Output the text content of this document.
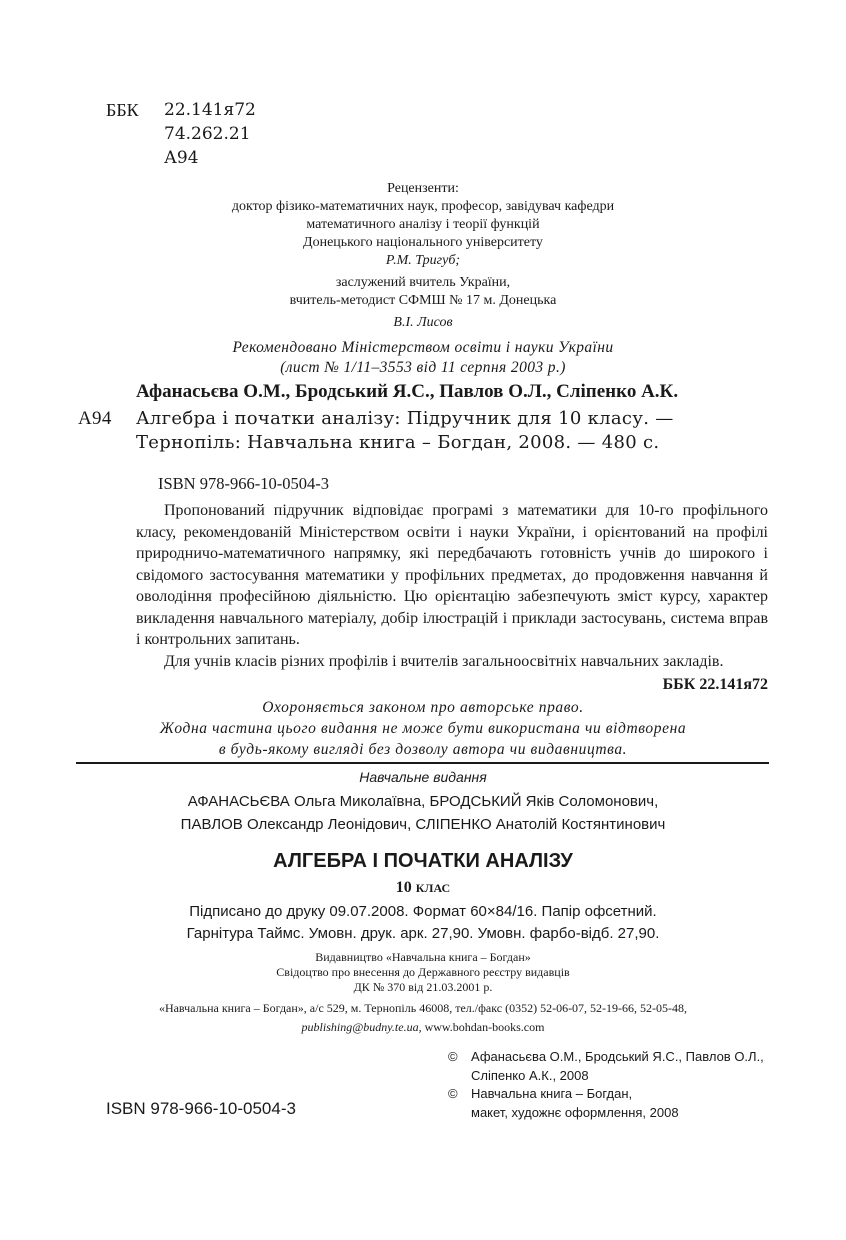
ББК 22.141я72
74.262.21
А94
Рецензенти:
доктор фізико-математичних наук, професор, завідувач кафедри
математичного аналізу і теорії функцій
Донецького національного університету
Р.М. Тригуб;
заслужений вчитель України,
вчитель-методист СФМШ № 17 м. Донецька
В.І. Лисов
Рекомендовано Міністерством освіти і науки України
(лист № 1/11–3553 від 11 серпня 2003 р.)
Афанасьєва О.М., Бродський Я.С., Павлов О.Л., Сліпенко А.К.
А94 Алгебра і початки аналізу: Підручник для 10 класу. —
Тернопіль: Навчальна книга – Богдан, 2008. — 480 с.
ISBN 978-966-10-0504-3

Пропонований підручник відповідає програмі з математики для 10-го профільного класу, рекомендованій Міністерством освіти і науки України, і орієнтований на профілі природничо-математичного напрямку, які передбачають готовність учнів до широкого і свідомого застосування математики у профільних предметах, до продовження навчання й оволодіння професійною діяльністю. Цю орієнтацію забезпечують зміст курсу, характер викладення навчального матеріалу, добір ілюстрацій і приклади застосувань, система вправ і контрольних запитань.

Для учнів класів різних профілів і вчителів загальноосвітніх навчальних закладів.

ББК 22.141я72
Охороняється законом про авторське право.
Жодна частина цього видання не може бути використана чи відтворена
в будь-якому вигляді без дозволу автора чи видавництва.
Навчальне видання
АФАНАСЬЄВА Ольга Миколаївна, БРОДСЬКИЙ Яків Соломонович,
ПАВЛОВ Олександр Леонідович, СЛІПЕНКО Анатолій Костянтинович
АЛГЕБРА І ПОЧАТКИ АНАЛІЗУ
10 КЛАС
Підписано до друку 09.07.2008. Формат 60×84/16. Папір офсетний.
Гарнітура Таймс. Умовн. друк. арк. 27,90. Умовн. фарбо-відб. 27,90.
Видавництво «Навчальна книга – Богдан»
Свідоцтво про внесення до Державного реєстру видавців
ДК № 370 від 21.03.2001 р.
«Навчальна книга – Богдан», а/с 529, м. Тернопіль 46008, тел./факс (0352) 52-06-07, 52-19-66, 52-05-48,
publishing@budny.te.ua, www.bohdan-books.com
ISBN 978-966-10-0504-3
© Афанасьєва О.М., Бродський Я.С., Павлов О.Л.,
Сліпенко А.К., 2008
© Навчальна книга – Богдан,
макет, художнє оформлення, 2008
